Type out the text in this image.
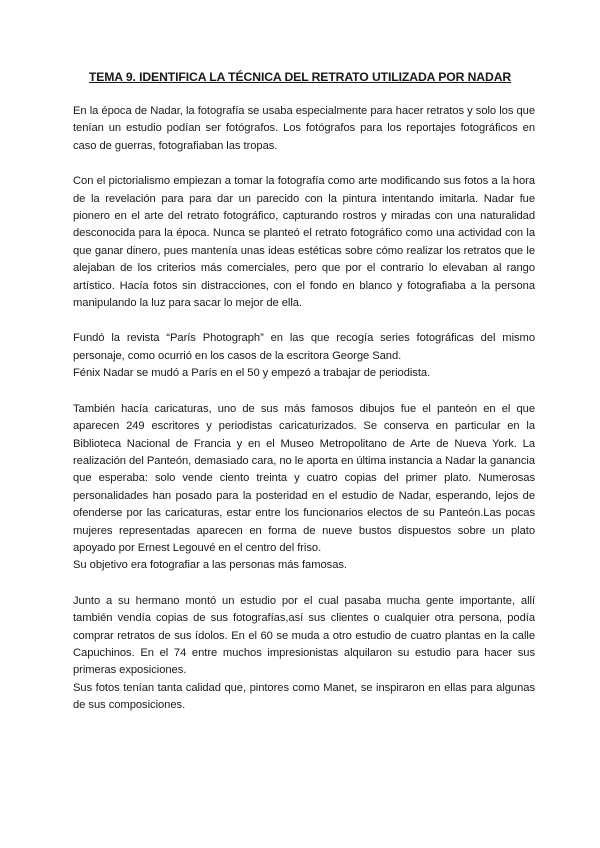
TEMA 9. IDENTIFICA LA TÉCNICA DEL RETRATO UTILIZADA POR NADAR

En la época de Nadar, la fotografía se usaba especialmente para hacer retratos y solo los que tenían un estudio podían ser fotógrafos. Los fotógrafos para los reportajes fotográficos en caso de guerras, fotografiaban las tropas.

Con el pictorialismo empiezan a tomar la fotografía como arte modificando sus fotos a la hora de la revelación para para dar un parecido con la pintura intentando imitarla. Nadar fue pionero en el arte del retrato fotográfico, capturando rostros y miradas con una naturalidad desconocida para la época. Nunca se planteó el retrato fotográfico como una actividad con la que ganar dinero, pues mantenía unas ideas estéticas sobre cómo realizar los retratos que le alejaban de los criterios más comerciales, pero que por el contrario lo elevaban al rango artístico. Hacía fotos sin distracciones, con el fondo en blanco y fotografiaba a la persona manipulando la luz para sacar lo mejor de ella.

Fundó la revista “París Photograph” en las que recogía series fotográficas del mismo personaje, como ocurrió en los casos de la escritora George Sand.
Fénix Nadar se mudó a París en el 50 y empezó a trabajar de periodista.

También hacía caricaturas, uno de sus más famosos dibujos fue el panteón en el que aparecen 249 escritores y periodistas caricaturizados. Se conserva en particular en la Biblioteca Nacional de Francia y en el Museo Metropolitano de Arte de Nueva York. La realización del Panteón, demasiado cara, no le aporta en última instancia a Nadar la ganancia que esperaba: solo vende ciento treinta y cuatro copias del primer plato. Numerosas personalidades han posado para la posteridad en el estudio de Nadar, esperando, lejos de ofenderse por las caricaturas, estar entre los funcionarios electos de su Panteón.Las pocas mujeres representadas aparecen en forma de nueve bustos dispuestos sobre un plato apoyado por Ernest Legouvé en el centro del friso.
Su objetivo era fotografiar a las personas más famosas.

Junto a su hermano montó un estudio por el cual pasaba mucha gente importante, allí también vendía copias de sus fotografías,así sus clientes o cualquier otra persona, podía comprar retratos de sus ídolos. En el 60 se muda a otro estudio de cuatro plantas en la calle Capuchinos. En el 74 entre muchos impresionistas alquilaron su estudio para hacer sus primeras exposiciones.
Sus fotos tenían tanta calidad que, pintores como Manet, se inspiraron en ellas para algunas de sus composiciones.
